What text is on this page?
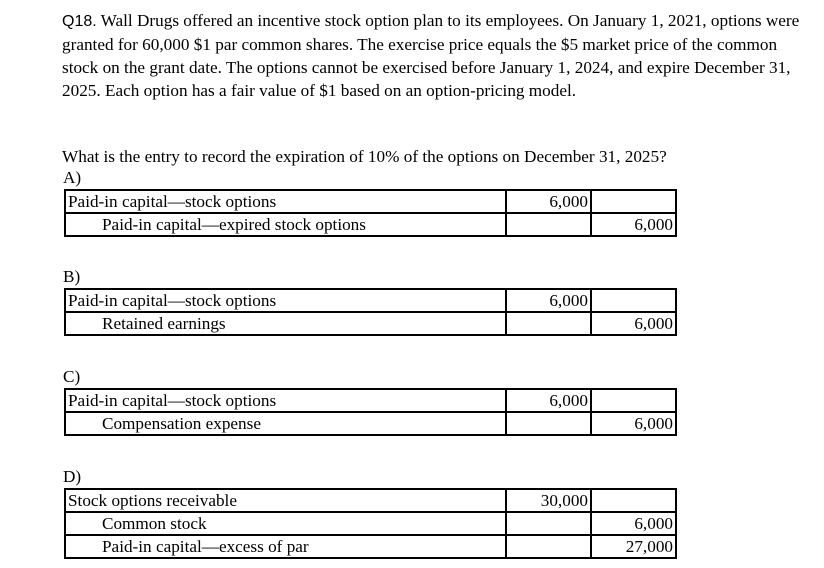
Q18. Wall Drugs offered an incentive stock option plan to its employees. On January 1, 2021, options were granted for 60,000 $1 par common shares. The exercise price equals the $5 market price of the common stock on the grant date. The options cannot be exercised before January 1, 2024, and expire December 31, 2025. Each option has a fair value of $1 based on an option-pricing model.
What is the entry to record the expiration of 10% of the options on December 31, 2025?
A)
Paid-in capital—stock options	6,000	
Paid-in capital—expired stock options		6,000
B)
Paid-in capital—stock options	6,000	
Retained earnings		6,000
C)
Paid-in capital—stock options	6,000	
Compensation expense		6,000
D)
Stock options receivable	30,000	
Common stock		6,000
Paid-in capital—excess of par		27,000
